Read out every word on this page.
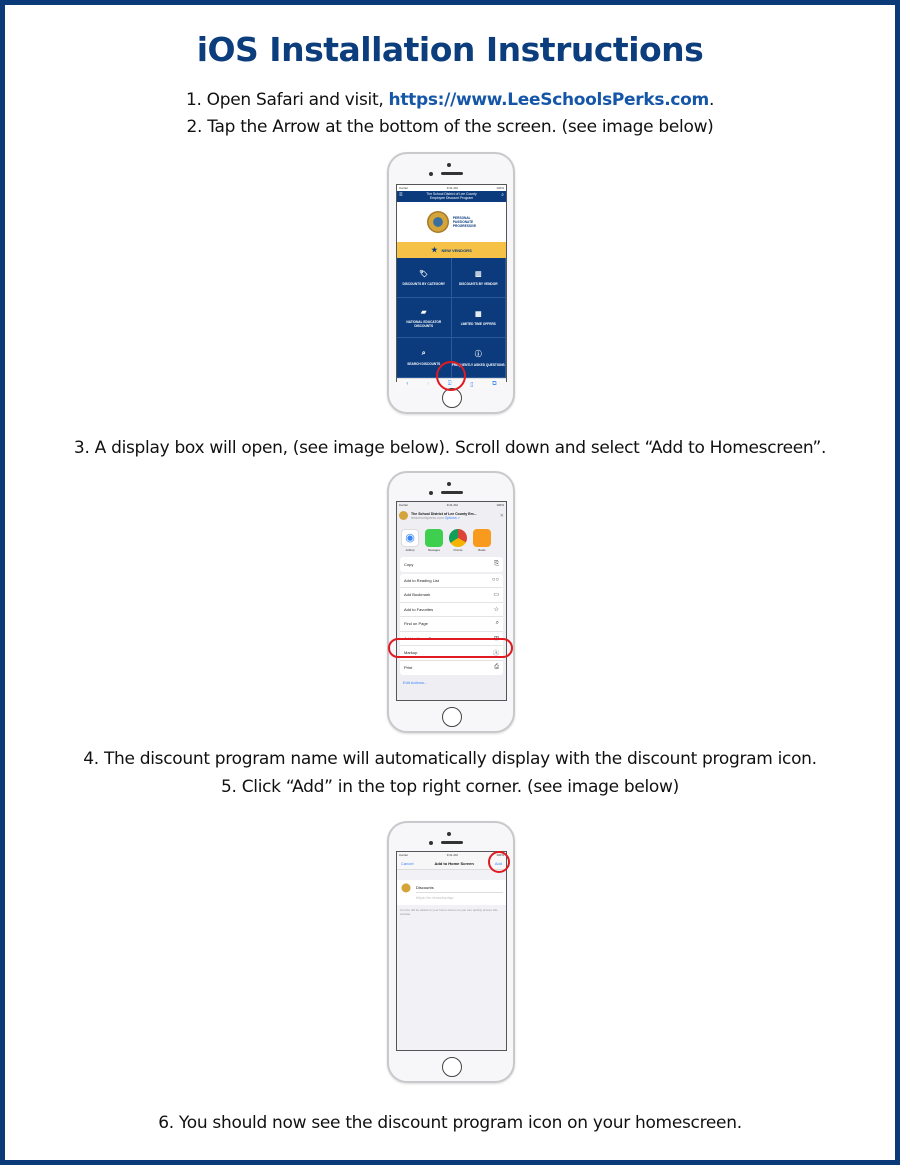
iOS Installation Instructions

1. Open Safari and visit, https://www.LeeSchoolsPerks.com.

2. Tap the Arrow at the bottom of the screen. (see image below)

Carrier	9:41 AM	100%
≡	The School District of Lee County
Employee Discount Program	⌕
PERSONAL
PASSIONATE
PROGRESSIVE
★ NEW VENDORS
🏷
DISCOUNTS BY CATEGORY
▥
DISCOUNTS BY VENDOR
▰
NATIONAL EDUCATOR DISCOUNTS
▦
LIMITED TIME OFFERS
⌕
SEARCH DISCOUNTS
ⓘ
FREQUENTLY ASKED QUESTIONS
‹	›	⍐	▯	⧉

3. A display box will open, (see image below). Scroll down and select “Add to Homescreen”.

Carrier	9:41 AM	100%
The School District of Lee County Em...
leeschoolsperks.com Options >	✕
◉
AirDrop	Messages	Chrome	Books
Copy	⎘
Add to Reading List	○○
Add Bookmark	▭
Add to Favorites	☆
Find on Page	⌕
Add to Home Screen	⊞
Markup	Ⓐ
Print	⎙
Edit Actions...

4. The discount program name will automatically display with the discount program icon.

5. Click “Add” in the top right corner. (see image below)

Carrier	9:41 AM	100%
Cancel	Add to Home Screen	Add
Discounts
https://m.leeschoolsp
An icon will be added to your home screen so you can quickly access this website.

6. You should now see the discount program icon on your homescreen.
